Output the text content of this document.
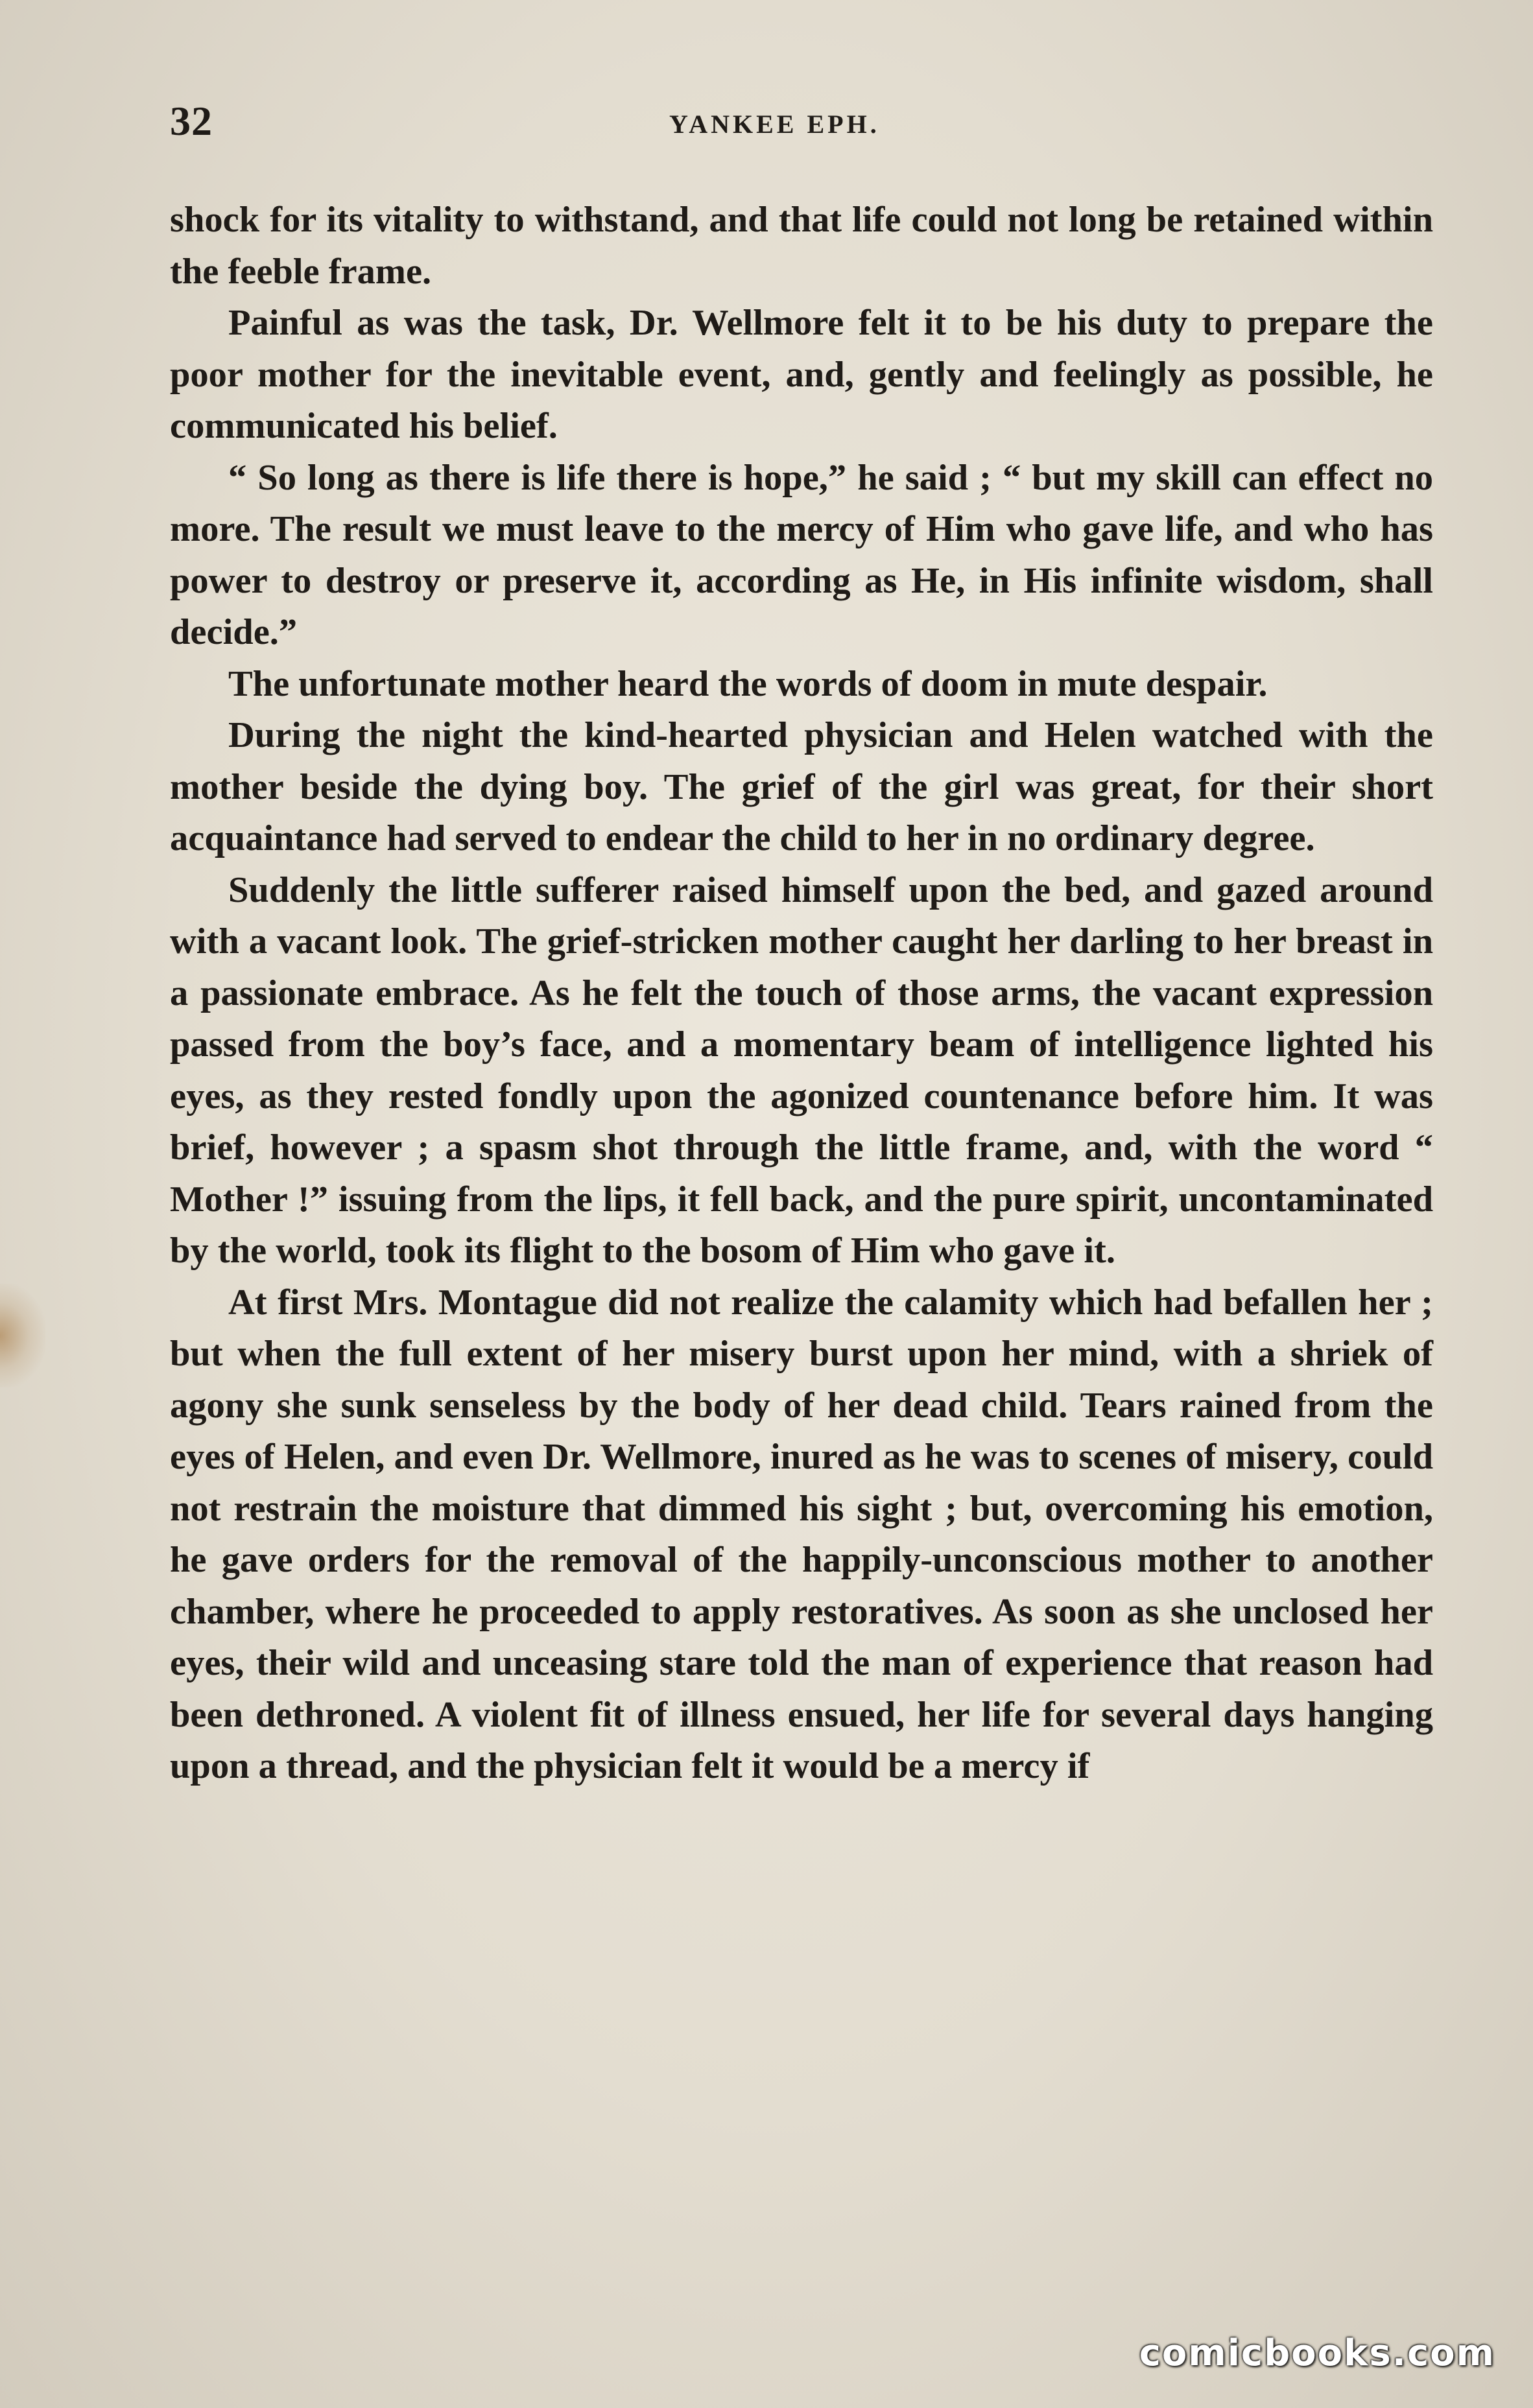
32	YANKEE EPH.

shock for its vitality to withstand, and that life could not long be retained within the feeble frame.

Painful as was the task, Dr. Wellmore felt it to be his duty to prepare the poor mother for the inevitable event, and, gently and feelingly as possible, he communicated his belief.

“ So long as there is life there is hope,” he said ; “ but my skill can effect no more. The result we must leave to the mercy of Him who gave life, and who has power to destroy or preserve it, according as He, in His infinite wisdom, shall decide.”

The unfortunate mother heard the words of doom in mute despair.

During the night the kind-hearted physician and Helen watched with the mother beside the dying boy. The grief of the girl was great, for their short acquaintance had served to endear the child to her in no ordinary degree.

Suddenly the little sufferer raised himself upon the bed, and gazed around with a vacant look. The grief-stricken mother caught her darling to her breast in a passionate embrace. As he felt the touch of those arms, the vacant expression passed from the boy’s face, and a momentary beam of intelligence lighted his eyes, as they rested fondly upon the agonized countenance before him. It was brief, however ; a spasm shot through the little frame, and, with the word “ Mother !” issuing from the lips, it fell back, and the pure spirit, uncontaminated by the world, took its flight to the bosom of Him who gave it.

At first Mrs. Montague did not realize the calamity which had befallen her ; but when the full extent of her misery burst upon her mind, with a shriek of agony she sunk senseless by the body of her dead child. Tears rained from the eyes of Helen, and even Dr. Wellmore, inured as he was to scenes of misery, could not restrain the moisture that dimmed his sight ; but, overcoming his emotion, he gave orders for the removal of the happily-unconscious mother to another chamber, where he proceeded to apply restoratives. As soon as she unclosed her eyes, their wild and unceasing stare told the man of experience that reason had been dethroned. A violent fit of illness ensued, her life for several days hanging upon a thread, and the physician felt it would be a mercy if

comicbooks.com
